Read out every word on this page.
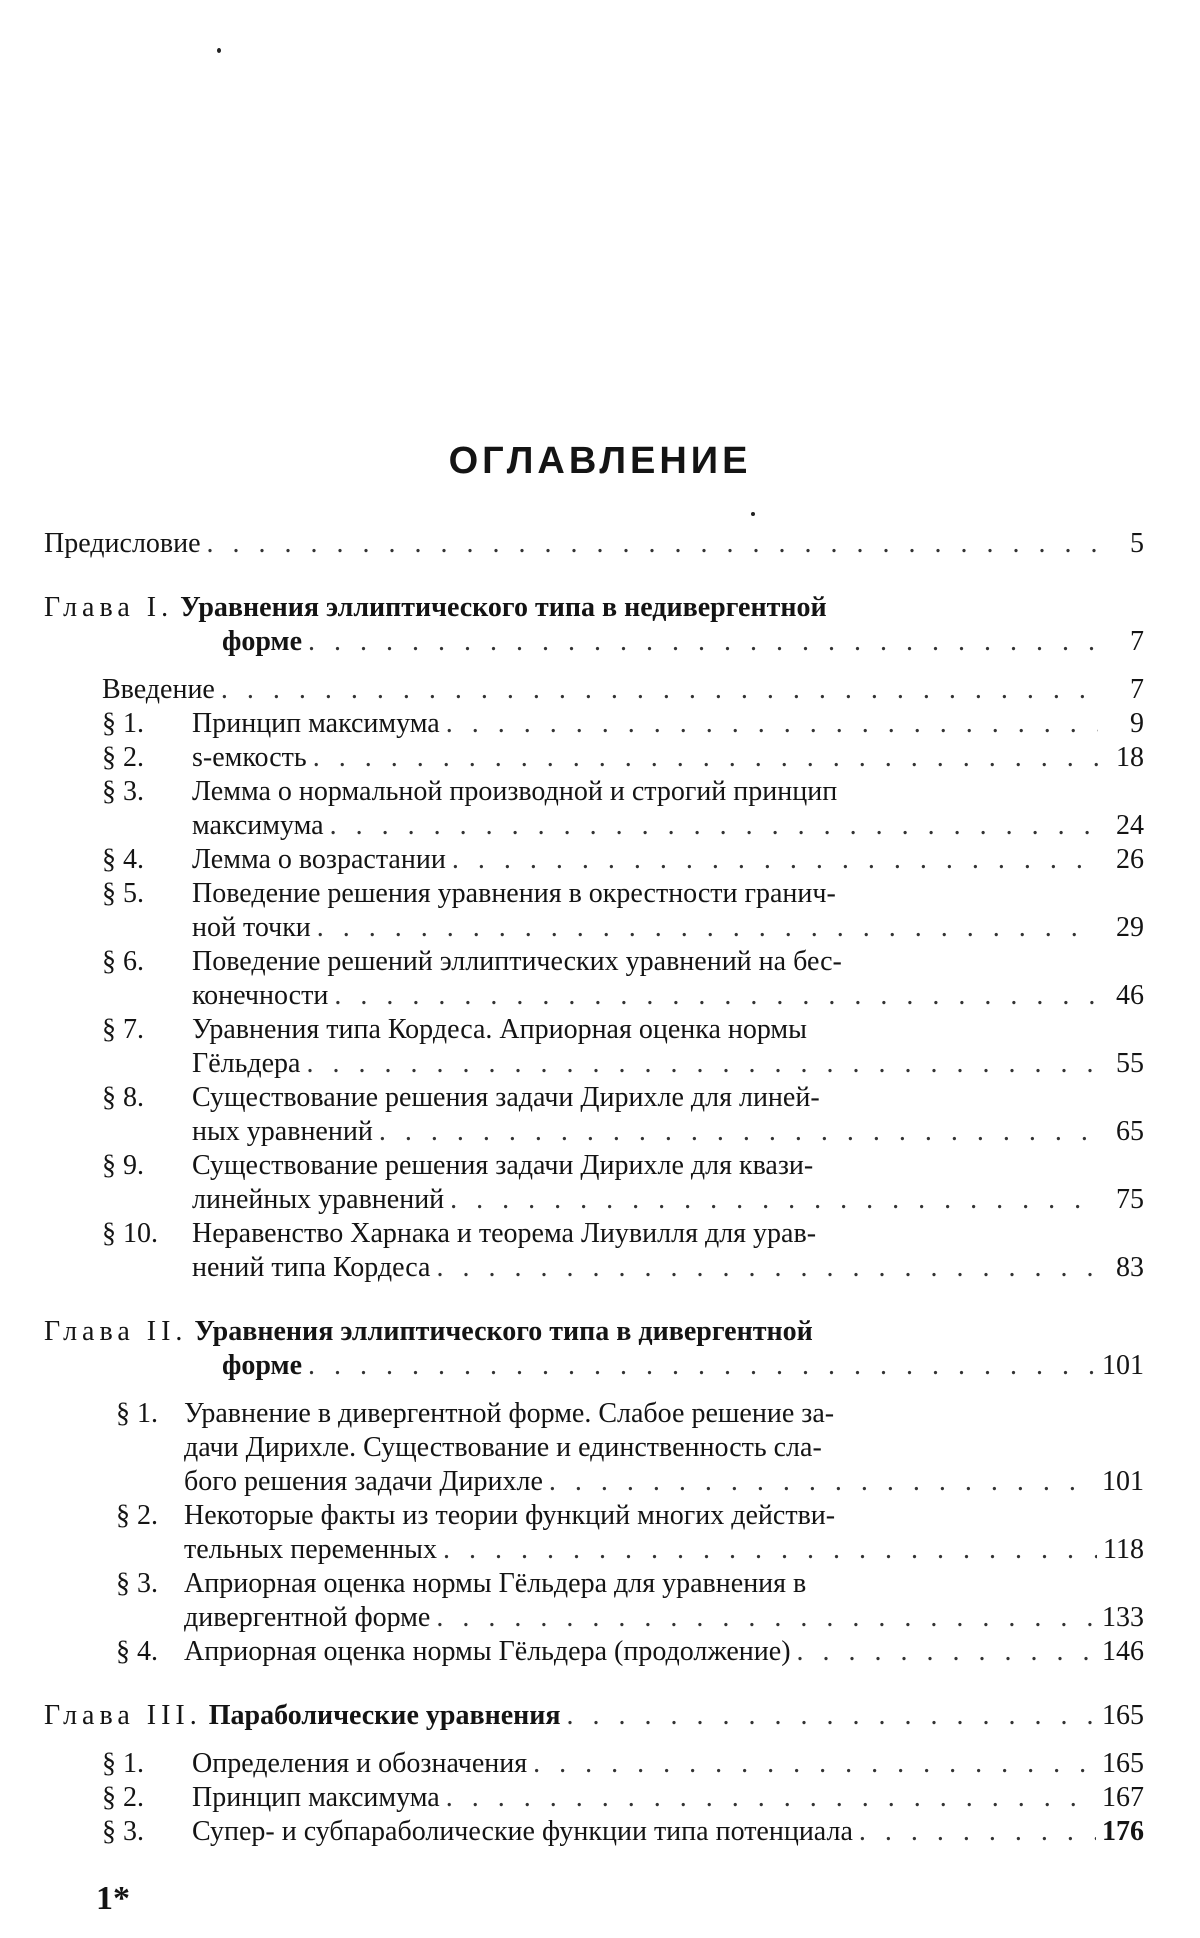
ОГЛАВЛЕНИЕ
Предисловие . . .	5
Глава I. Уравнения эллиптического типа в недивергентной
форме . . .	7
Введение . . .	7
§ 1. Принцип максимума . . .	9
§ 2. s-емкость . . .	18
§ 3. Лемма о нормальной производной и строгий принцип
максимума . . .	24
§ 4. Лемма о возрастании . . .	26
§ 5. Поведение решения уравнения в окрестности гранич-
ной точки . . .	29
§ 6. Поведение решений эллиптических уравнений на бес-
конечности . . .	46
§ 7. Уравнения типа Кордеса. Априорная оценка нормы
Гёльдера . . .	55
§ 8. Существование решения задачи Дирихле для линей-
ных уравнений . . .	65
§ 9. Существование решения задачи Дирихле для квази-
линейных уравнений . . .	75
§ 10. Неравенство Харнака и теорема Лиувилля для урав-
нений типа Кордеса . . .	83
Глава II. Уравнения эллиптического типа в дивергентной
форме . . .	101
§ 1. Уравнение в дивергентной форме. Слабое решение за-
дачи Дирихле. Существование и единственность сла-
бого решения задачи Дирихле . . .	101
§ 2. Некоторые факты из теории функций многих действи-
тельных переменных . . .	118
§ 3. Априорная оценка нормы Гёльдера для уравнения в
дивергентной форме . . .	133
§ 4. Априорная оценка нормы Гёльдера (продолжение) . . .	146
Глава III. Параболические уравнения . . .	165
§ 1. Определения и обозначения . . .	165
§ 2. Принцип максимума . . .	167
§ 3. Супер- и субпараболические функции типа потенциала . . .	176
1*
